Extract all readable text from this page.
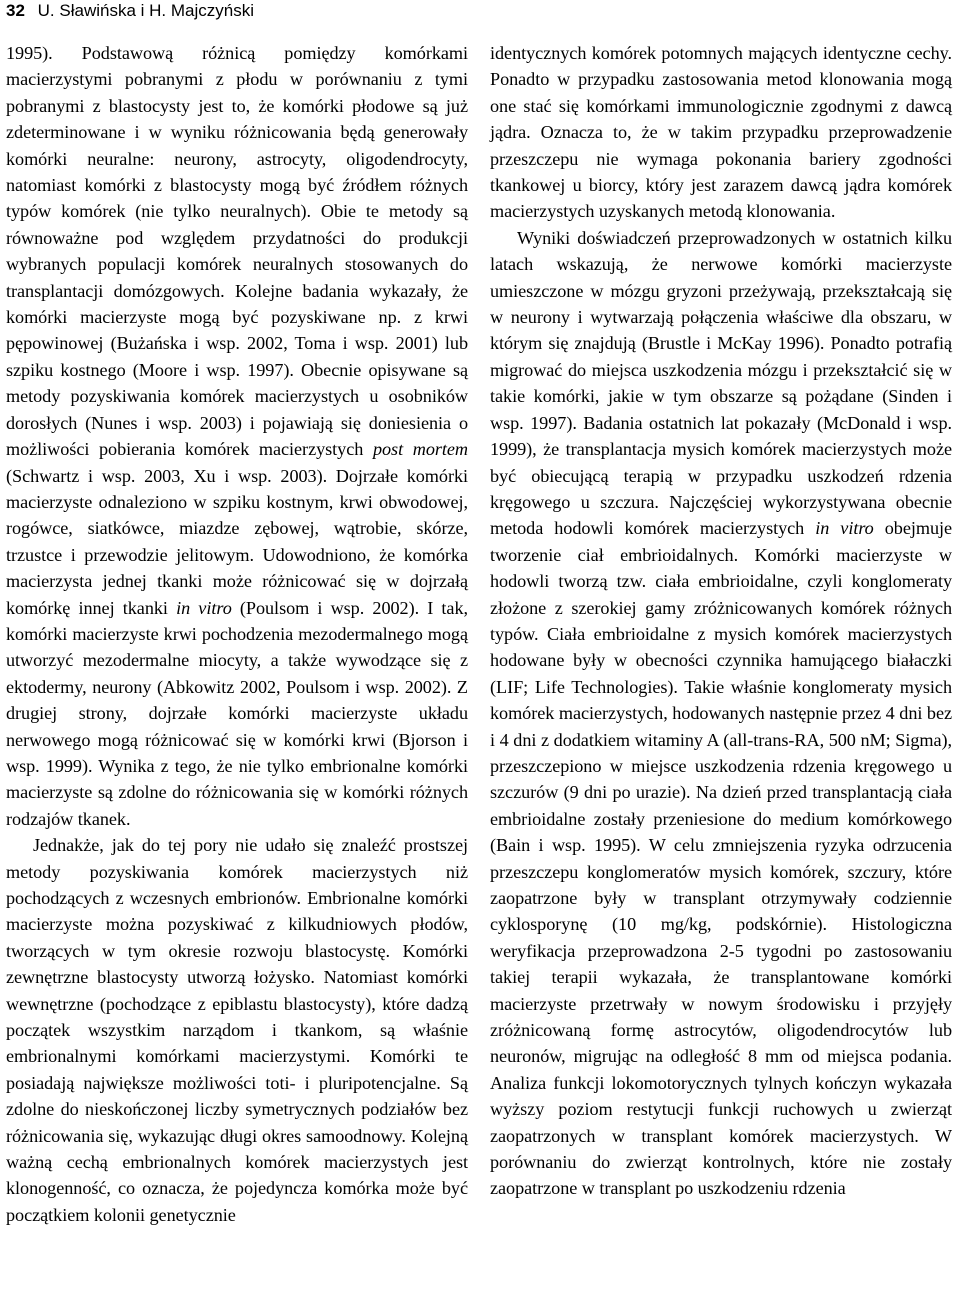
32 U. Sławińska i H. Majczyński

1995). Podstawową różnicą pomiędzy komórkami macierzystymi pobranymi z płodu w porównaniu z tymi pobranymi z blastocysty jest to, że komórki płodowe są już zdeterminowane i w wyniku różnicowania będą generowały komórki neuralne: neurony, astrocyty, oligodendrocyty, natomiast komórki z blastocysty mogą być źródłem różnych typów komórek (nie tylko neuralnych). Obie te metody są równoważne pod względem przydatności do produkcji wybranych populacji komórek neuralnych stosowanych do transplantacji domózgowych. Kolejne badania wykazały, że komórki macierzyste mogą być pozyskiwane np. z krwi pępowinowej (Bużańska i wsp. 2002, Toma i wsp. 2001) lub szpiku kostnego (Moore i wsp. 1997). Obecnie opisywane są metody pozyskiwania komórek macierzystych u osobników dorosłych (Nunes i wsp. 2003) i pojawiają się doniesienia o możliwości pobierania komórek macierzystych post mortem (Schwartz i wsp. 2003, Xu i wsp. 2003). Dojrzałe komórki macierzyste odnaleziono w szpiku kostnym, krwi obwodowej, rogówce, siatkówce, miazdze zębowej, wątrobie, skórze, trzustce i przewodzie jelitowym. Udowodniono, że komórka macierzysta jednej tkanki może różnicować się w dojrzałą komórkę innej tkanki in vitro (Poulsom i wsp. 2002). I tak, komórki macierzyste krwi pochodzenia mezodermalnego mogą utworzyć mezodermalne miocyty, a także wywodzące się z ektodermy, neurony (Abkowitz 2002, Poulsom i wsp. 2002). Z drugiej strony, dojrzałe komórki macierzyste układu nerwowego mogą różnicować się w komórki krwi (Bjorson i wsp. 1999). Wynika z tego, że nie tylko embrionalne komórki macierzyste są zdolne do różnicowania się w komórki różnych rodzajów tkanek.

Jednakże, jak do tej pory nie udało się znaleźć prostszej metody pozyskiwania komórek macierzystych niż pochodzących z wczesnych embrionów. Embrionalne komórki macierzyste można pozyskiwać z kilkudniowych płodów, tworzących w tym okresie rozwoju blastocystę. Komórki zewnętrzne blastocysty utworzą łożysko. Natomiast komórki wewnętrzne (pochodzące z epiblastu blastocysty), które dadzą początek wszystkim narządom i tkankom, są właśnie embrionalnymi komórkami macierzystymi. Komórki te posiadają największe możliwości toti- i pluripotencjalne. Są zdolne do nieskończonej liczby symetrycznych podziałów bez różnicowania się, wykazując długi okres samoodnowy. Kolejną ważną cechą embrionalnych komórek macierzystych jest klonogenność, co oznacza, że pojedyncza komórka może być początkiem kolonii genetycznie

identycznych komórek potomnych mających identyczne cechy. Ponadto w przypadku zastosowania metod klonowania mogą one stać się komórkami immunologicznie zgodnymi z dawcą jądra. Oznacza to, że w takim przypadku przeprowadzenie przeszczepu nie wymaga pokonania bariery zgodności tkankowej u biorcy, który jest zarazem dawcą jądra komórek macierzystych uzyskanych metodą klonowania.

Wyniki doświadczeń przeprowadzonych w ostatnich kilku latach wskazują, że nerwowe komórki macierzyste umieszczone w mózgu gryzoni przeżywają, przekształcają się w neurony i wytwarzają połączenia właściwe dla obszaru, w którym się znajdują (Brustle i McKay 1996). Ponadto potrafią migrować do miejsca uszkodzenia mózgu i przekształcić się w takie komórki, jakie w tym obszarze są pożądane (Sinden i wsp. 1997). Badania ostatnich lat pokazały (McDonald i wsp. 1999), że transplantacja mysich komórek macierzystych może być obiecującą terapią w przypadku uszkodzeń rdzenia kręgowego u szczura. Najczęściej wykorzystywana obecnie metoda hodowli komórek macierzystych in vitro obejmuje tworzenie ciał embrioidalnych. Komórki macierzyste w hodowli tworzą tzw. ciała embrioidalne, czyli konglomeraty złożone z szerokiej gamy zróżnicowanych komórek różnych typów. Ciała embrioidalne z mysich komórek macierzystych hodowane były w obecności czynnika hamującego białaczki (LIF; Life Technologies). Takie właśnie konglomeraty mysich komórek macierzystych, hodowanych następnie przez 4 dni bez i 4 dni z dodatkiem witaminy A (all-trans-RA, 500 nM; Sigma), przeszczepiono w miejsce uszkodzenia rdzenia kręgowego u szczurów (9 dni po urazie). Na dzień przed transplantacją ciała embrioidalne zostały przeniesione do medium komórkowego (Bain i wsp. 1995). W celu zmniejszenia ryzyka odrzucenia przeszczepu konglomeratów mysich komórek, szczury, które zaopatrzone były w transplant otrzymywały codziennie cyklosporynę (10 mg/kg, podskórnie). Histologiczna weryfikacja przeprowadzona 2-5 tygodni po zastosowaniu takiej terapii wykazała, że transplantowane komórki macierzyste przetrwały w nowym środowisku i przyjęły zróżnicowaną formę astrocytów, oligodendrocytów lub neuronów, migrując na odległość 8 mm od miejsca podania. Analiza funkcji lokomotorycznych tylnych kończyn wykazała wyższy poziom restytucji funkcji ruchowych u zwierząt zaopatrzonych w transplant komórek macierzystych. W porównaniu do zwierząt kontrolnych, które nie zostały zaopatrzone w transplant po uszkodzeniu rdzenia
